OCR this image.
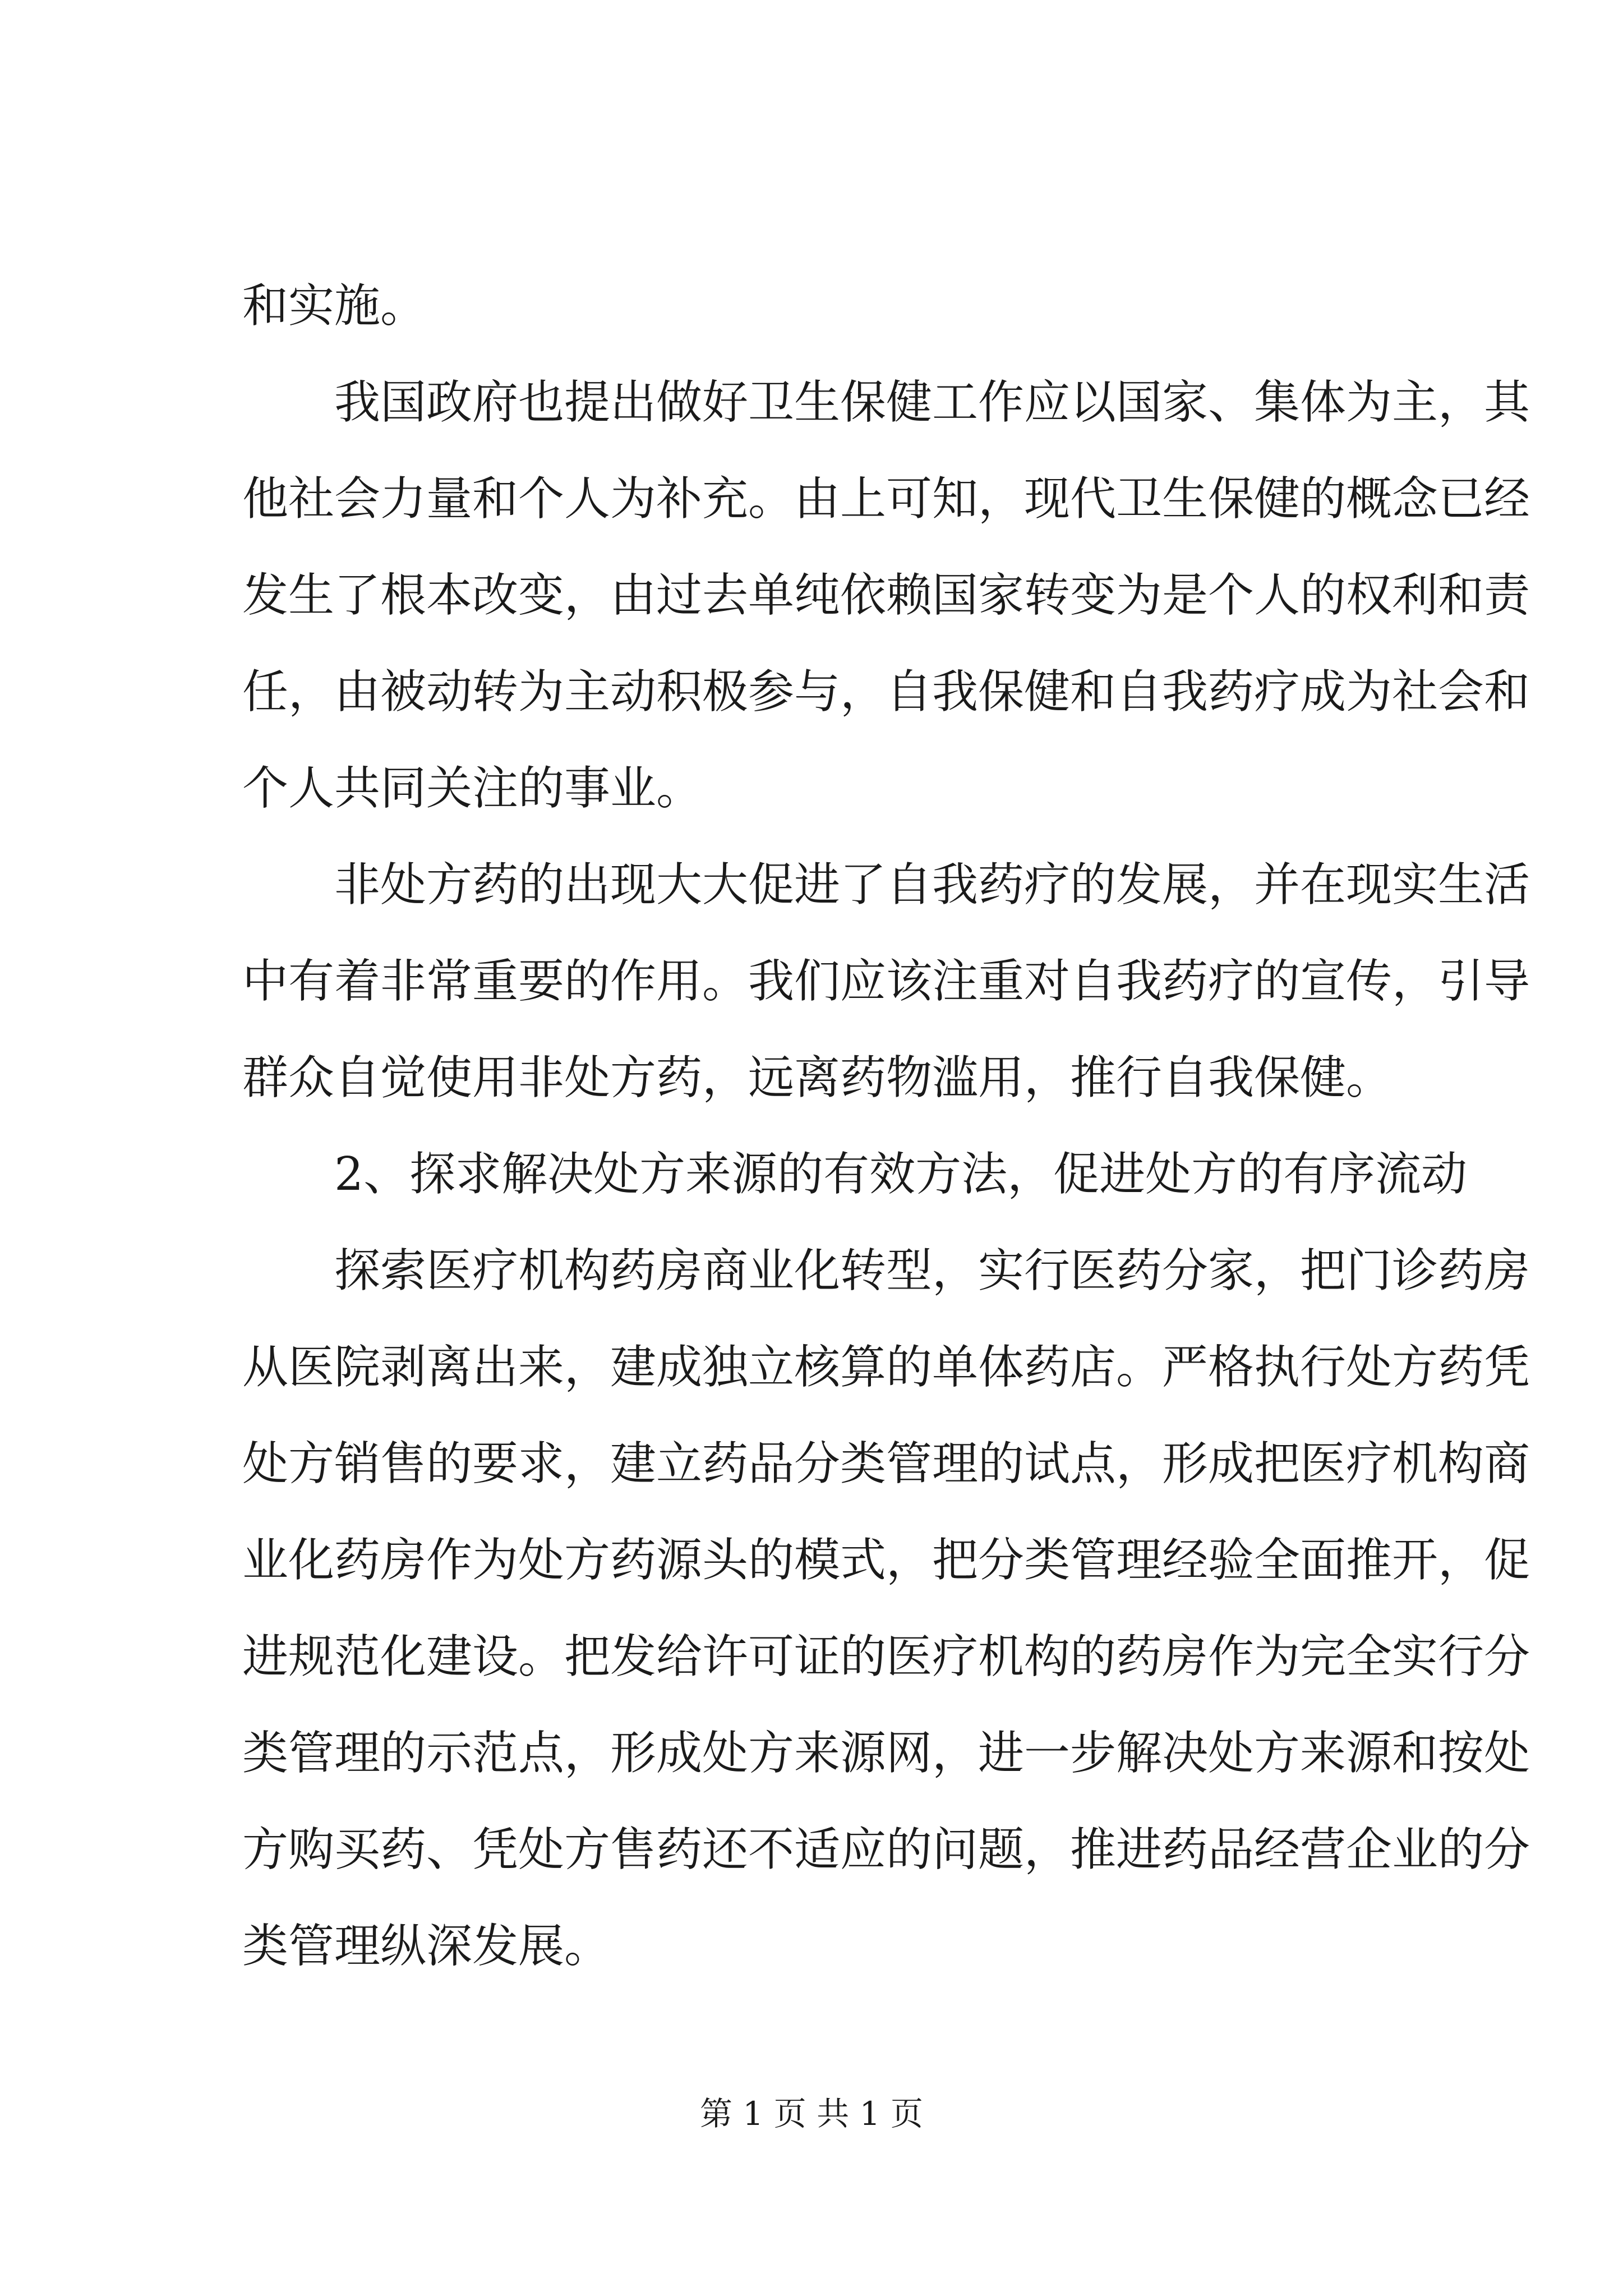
和实施。
我国政府也提出做好卫生保健工作应以国家、集体为主，其
他社会力量和个人为补充。由上可知，现代卫生保健的概念已经
发生了根本改变，由过去单纯依赖国家转变为是个人的权利和责
任，由被动转为主动积极参与，自我保健和自我药疗成为社会和
个人共同关注的事业。
非处方药的出现大大促进了自我药疗的发展，并在现实生活
中有着非常重要的作用。我们应该注重对自我药疗的宣传，引导
群众自觉使用非处方药，远离药物滥用，推行自我保健。
2、探求解决处方来源的有效方法，促进处方的有序流动
探索医疗机构药房商业化转型，实行医药分家，把门诊药房
从医院剥离出来，建成独立核算的单体药店。严格执行处方药凭
处方销售的要求，建立药品分类管理的试点，形成把医疗机构商
业化药房作为处方药源头的模式，把分类管理经验全面推开，促
进规范化建设。把发给许可证的医疗机构的药房作为完全实行分
类管理的示范点，形成处方来源网，进一步解决处方来源和按处
方购买药、凭处方售药还不适应的问题，推进药品经营企业的分
类管理纵深发展。
第 1 页 共 1 页
